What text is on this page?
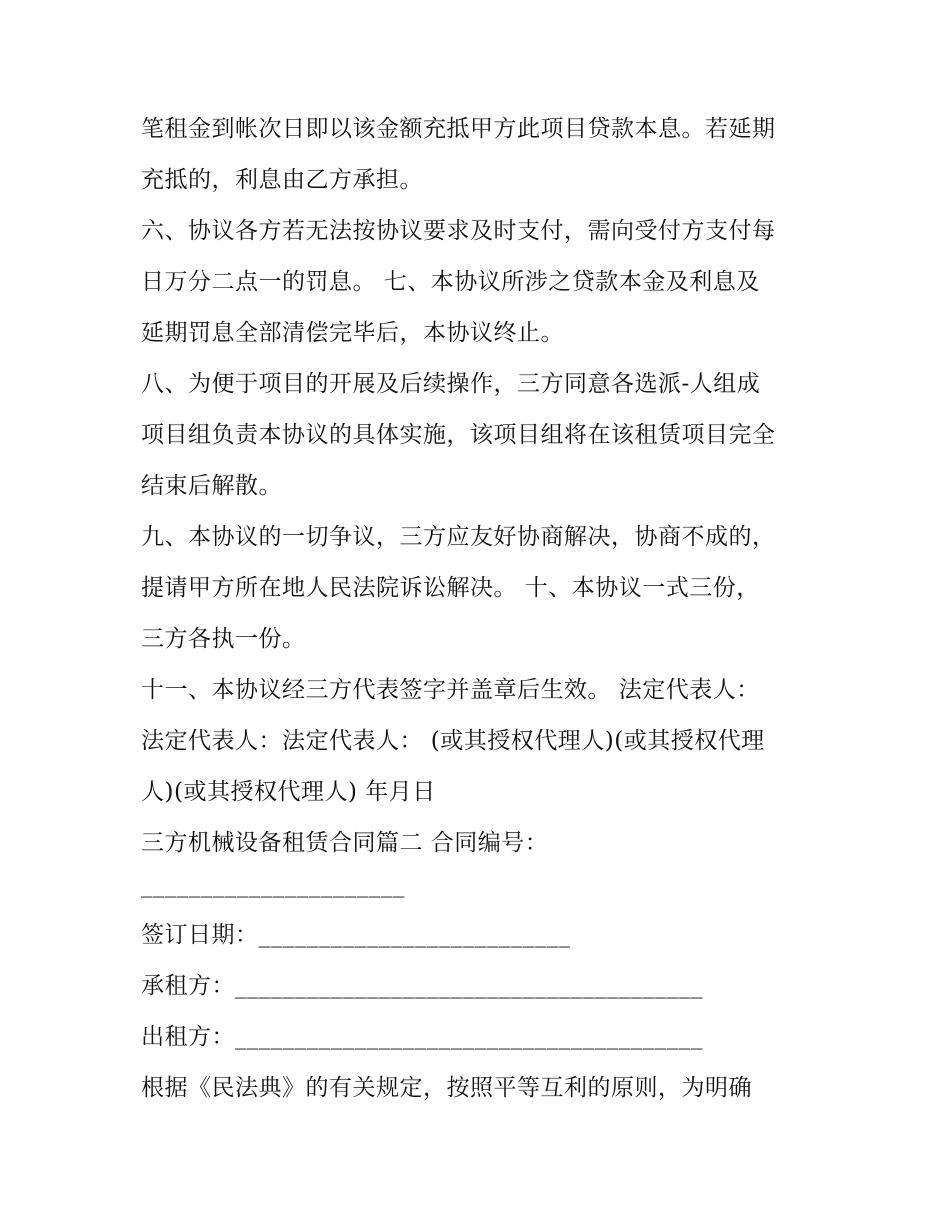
笔租金到帐次日即以该金额充抵甲方此项目贷款本息。若延期
充抵的，利息由乙方承担。
六、协议各方若无法按协议要求及时支付，需向受付方支付每
日万分二点一的罚息。 七、本协议所涉之贷款本金及利息及
延期罚息全部清偿完毕后，本协议终止。
八、为便于项目的开展及后续操作，三方同意各选派-人组成
项目组负责本协议的具体实施，该项目组将在该租赁项目完全
结束后解散。
九、本协议的一切争议，三方应友好协商解决，协商不成的，
提请甲方所在地人民法院诉讼解决。 十、本协议一式三份，
三方各执一份。
十一、本协议经三方代表签字并盖章后生效。 法定代表人：
法定代表人：法定代表人： (或其授权代理人)(或其授权代理
人)(或其授权代理人) 年月日
三方机械设备租赁合同篇二 合同编号：
______________________
签订日期：__________________________
承租方：_______________________________________
出租方：_______________________________________
根据《民法典》的有关规定，按照平等互利的原则，为明确
